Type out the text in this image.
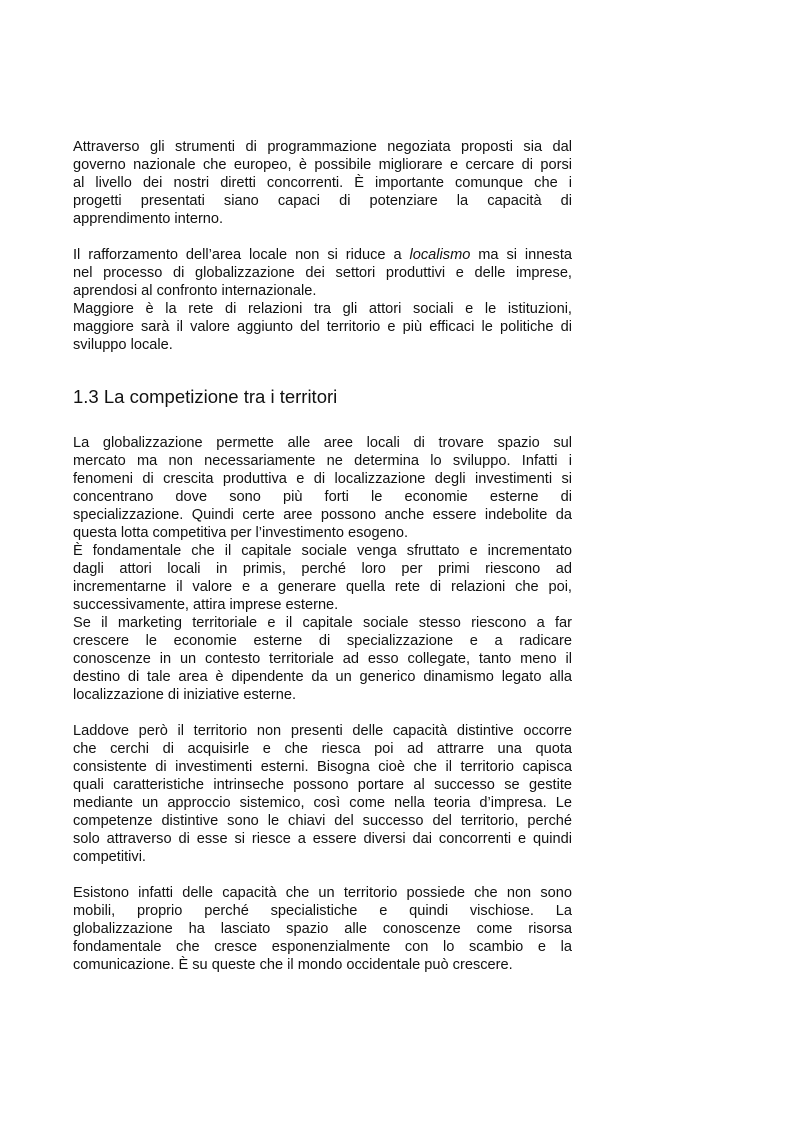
Attraverso gli strumenti di programmazione negoziata proposti sia dal
governo nazionale che europeo, è possibile migliorare e cercare di porsi
al livello dei nostri diretti concorrenti. È importante comunque che i
progetti presentati siano capaci di potenziare la capacità di
apprendimento interno.
Il rafforzamento dell’area locale non si riduce a localismo ma si innesta
nel processo di globalizzazione dei settori produttivi e delle imprese,
aprendosi al confronto internazionale.
Maggiore è la rete di relazioni tra gli attori sociali e le istituzioni,
maggiore sarà il valore aggiunto del territorio e più efficaci le politiche di
sviluppo locale.
1.3 La competizione tra i territori
La globalizzazione permette alle aree locali di trovare spazio sul
mercato ma non necessariamente ne determina lo sviluppo. Infatti i
fenomeni di crescita produttiva e di localizzazione degli investimenti si
concentrano dove sono più forti le economie esterne di
specializzazione. Quindi certe aree possono anche essere indebolite da
questa lotta competitiva per l’investimento esogeno.
È fondamentale che il capitale sociale venga sfruttato e incrementato
dagli attori locali in primis, perché loro per primi riescono ad
incrementarne il valore e a generare quella rete di relazioni che poi,
successivamente, attira imprese esterne.
Se il marketing territoriale e il capitale sociale stesso riescono a far
crescere le economie esterne di specializzazione e a radicare
conoscenze in un contesto territoriale ad esso collegate, tanto meno il
destino di tale area è dipendente da un generico dinamismo legato alla
localizzazione di iniziative esterne.
Laddove però il territorio non presenti delle capacità distintive occorre
che cerchi di acquisirle e che riesca poi ad attrarre una quota
consistente di investimenti esterni. Bisogna cioè che il territorio capisca
quali caratteristiche intrinseche possono portare al successo se gestite
mediante un approccio sistemico, così come nella teoria d’impresa. Le
competenze distintive sono le chiavi del successo del territorio, perché
solo attraverso di esse si riesce a essere diversi dai concorrenti e quindi
competitivi.
Esistono infatti delle capacità che un territorio possiede che non sono
mobili, proprio perché specialistiche e quindi vischiose. La
globalizzazione ha lasciato spazio alle conoscenze come risorsa
fondamentale che cresce esponenzialmente con lo scambio e la
comunicazione. È su queste che il mondo occidentale può crescere.
